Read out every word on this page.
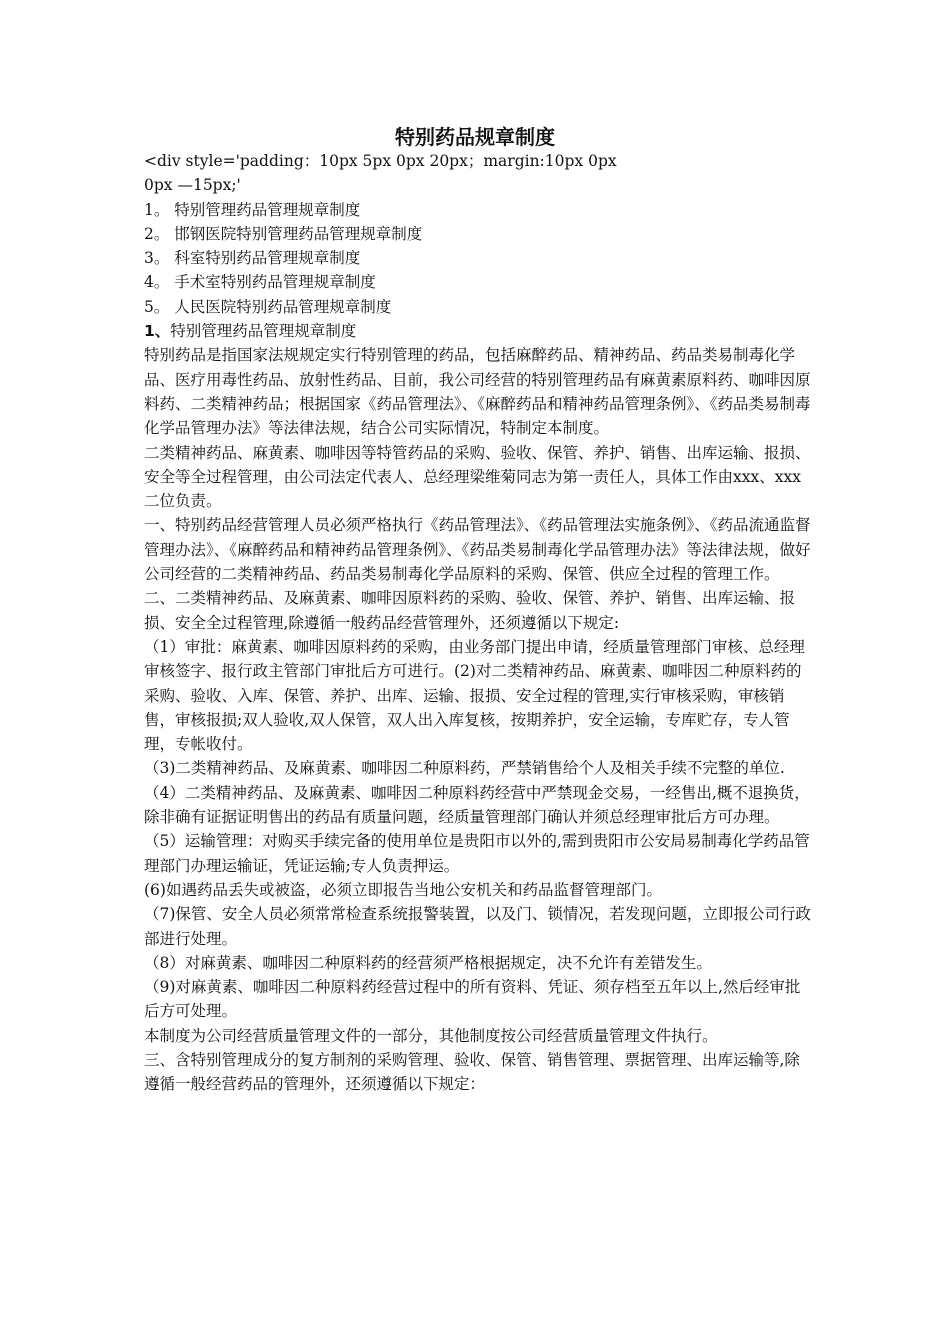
特别药品规章制度

<div style='padding：10px 5px 0px 20px；margin:10px 0px

0px —15px;'

1。 特别管理药品管理规章制度

2。 邯钢医院特别管理药品管理规章制度

3。 科室特别药品管理规章制度

4。 手术室特别药品管理规章制度

5。 人民医院特别药品管理规章制度

1、特别管理药品管理规章制度

特别药品是指国家法规规定实行特别管理的药品，包括麻醉药品、精神药品、药品类易制毒化学品、医疗用毒性药品、放射性药品、目前，我公司经营的特别管理药品有麻黄素原料药、咖啡因原料药、二类精神药品；根据国家《药品管理法》、《麻醉药品和精神药品管理条例》、《药品类易制毒化学品管理办法》等法律法规，结合公司实际情况，特制定本制度。

二类精神药品、麻黄素、咖啡因等特管药品的采购、验收、保管、养护、销售、出库运输、报损、安全等全过程管理，由公司法定代表人、总经理梁维菊同志为第一责任人，具体工作由xxx、xxx二位负责。

一、特别药品经营管理人员必须严格执行《药品管理法》、《药品管理法实施条例》、《药品流通监督管理办法》、《麻醉药品和精神药品管理条例》、《药品类易制毒化学品管理办法》等法律法规，做好公司经营的二类精神药品、药品类易制毒化学品原料的采购、保管、供应全过程的管理工作。

二、二类精神药品、及麻黄素、咖啡因原料药的采购、验收、保管、养护、销售、出库运输、报损、安全全过程管理,除遵循一般药品经营管理外，还须遵循以下规定:

（1）审批：麻黄素、咖啡因原料药的采购，由业务部门提出申请，经质量管理部门审核、总经理审核签字、报行政主管部门审批后方可进行。(2)对二类精神药品、麻黄素、咖啡因二种原料药的采购、验收、入库、保管、养护、出库、运输、报损、安全过程的管理,实行审核采购，审核销售，审核报损;双人验收,双人保管，双人出入库复核，按期养护，安全运输，专库贮存，专人管理，专帐收付。

（3)二类精神药品、及麻黄素、咖啡因二种原料药，严禁销售给个人及相关手续不完整的单位.

（4）二类精神药品、及麻黄素、咖啡因二种原料药经营中严禁现金交易，一经售出,概不退换货，除非确有证据证明售出的药品有质量问题，经质量管理部门确认并须总经理审批后方可办理。

（5）运输管理：对购买手续完备的使用单位是贵阳市以外的,需到贵阳市公安局易制毒化学药品管理部门办理运输证，凭证运输;专人负责押运。

(6)如遇药品丢失或被盗，必须立即报告当地公安机关和药品监督管理部门。

（7)保管、安全人员必须常常检查系统报警装置，以及门、锁情况，若发现问题，立即报公司行政部进行处理。

（8）对麻黄素、咖啡因二种原料药的经营须严格根据规定，决不允许有差错发生。

（9)对麻黄素、咖啡因二种原料药经营过程中的所有资料、凭证、须存档至五年以上,然后经审批后方可处理。

本制度为公司经营质量管理文件的一部分，其他制度按公司经营质量管理文件执行。

三、含特别管理成分的复方制剂的采购管理、验收、保管、销售管理、票据管理、出库运输等,除遵循一般经营药品的管理外，还须遵循以下规定：
